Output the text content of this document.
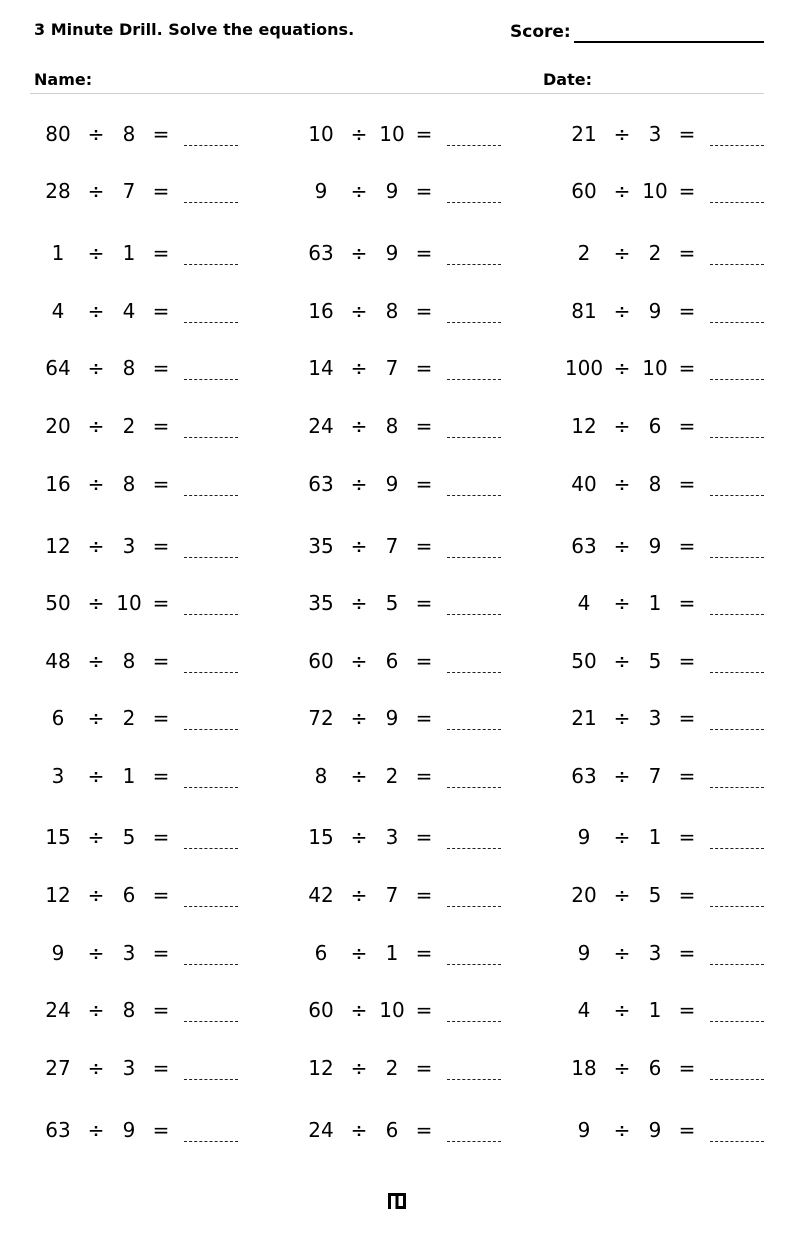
3 Minute Drill. Solve the equations.	Score:
Name:	Date:
80 ÷ 8 =
28 ÷ 7 =
1	÷ 1 =
4	÷ 4 =
64 ÷ 8 =
20 ÷ 2 =
16 ÷ 8 =
12 ÷ 3 =
50 ÷ 10 =
48 ÷ 8 =
6	÷ 2 =
3	÷ 1 =
15 ÷ 5 =
12 ÷ 6 =
9	÷ 3 =
24 ÷ 8 =
27 ÷ 3 =
63 ÷ 9 =
10 ÷ 10 =
9	÷ 9 =
63 ÷ 9 =
16 ÷ 8 =
14 ÷ 7 =
24 ÷ 8 =
63 ÷ 9 =
35 ÷ 7 =
35 ÷ 5 =
60 ÷ 6 =
72 ÷ 9 =
8	÷ 2 =
15 ÷ 3 =
42 ÷ 7 =
6	÷ 1 =
60 ÷ 10 =
12 ÷ 2 =
24 ÷ 6 =
21 ÷ 3 =
60 ÷ 10 =
2	÷ 2 =
81 ÷ 9 =
100 ÷ 10 =
12 ÷ 6 =
40 ÷ 8 =
63 ÷ 9 =
4	÷ 1 =
50 ÷ 5 =
21 ÷ 3 =
63 ÷ 7 =
9	÷ 1 =
20 ÷ 5 =
9	÷ 3 =
4	÷ 1 =
18 ÷ 6 =
9	÷ 9 =
